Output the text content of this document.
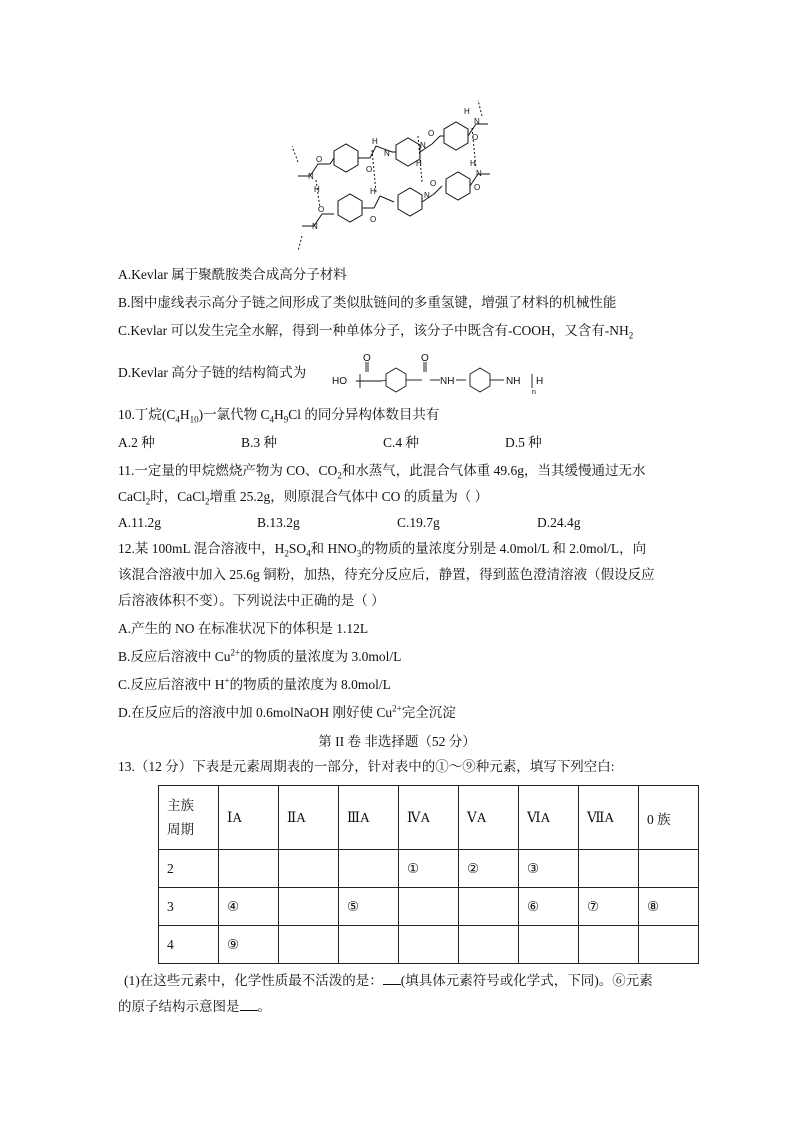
N
H
O
O
N
H	N
H
O	O
N
H
O
N
H
O
N
O
N
H
O
A.Kevlar 属于聚酰胺类合成高分子材料
B.图中虚线表示高分子链之间形成了类似肽链间的多重氢键，增强了材料的机械性能
C.Kevlar 可以发生完全水解，得到一种单体分子，该分子中既含有-COOH，又含有$-NH_2$
D.Kevlar 高分子链的结构简式为
HO
O	O
NH	NH H
n
10.丁烷$(C_4H_{10})$一氯代物 $C_4H_9Cl$ 的同分异构体数目共有
A.2 种	B.3 种	C.4 种	D.5 种
11.一定量的甲烷燃烧产物为 CO、$CO_2$和水蒸气，此混合气体重 49.6g，当其缓慢通过无水
CaCl$_2$时，CaCl$_2$增重 25.2g，则原混合气体中 CO 的质量为（ ）
A.11.2g	B.13.2g	C.19.7g	D.24.4g
12.某 100mL 混合溶液中，$H_2SO_4$和 $HNO_3$的物质的量浓度分别是 4.0mol/L 和 2.0mol/L，向
该混合溶液中加入 25.6g 铜粉，加热，待充分反应后，静置，得到蓝色澄清溶液（假设反应
后溶液体积不变）。下列说法中正确的是（ ）
A.产生的 NO 在标准状况下的体积是 1.12L
B.反应后溶液中 $Cu^{2+}$的物质的量浓度为 3.0mol/L
C.反应后溶液中 H+的物质的量浓度为 8.0mol/L
D.在反应后的溶液中加 0.6molNaOH 刚好使 $Cu^{2+}$完全沉淀
第 II 卷 非选择题（52 分）
13.（12 分）下表是元素周期表的一部分，针对表中的①～⑨种元素，填写下列空白:
主族
周期	ⅠA	ⅡA	ⅢA	ⅣA	ⅤA	ⅥA	ⅦA	0 族
2				①	②	③		
3	④		⑤			⑥	⑦	⑧
4	⑨							
(1)在这些元素中，化学性质最不活泼的是： (填具体元素符号或化学式，下同)。⑥元素
的原子结构示意图是 。
